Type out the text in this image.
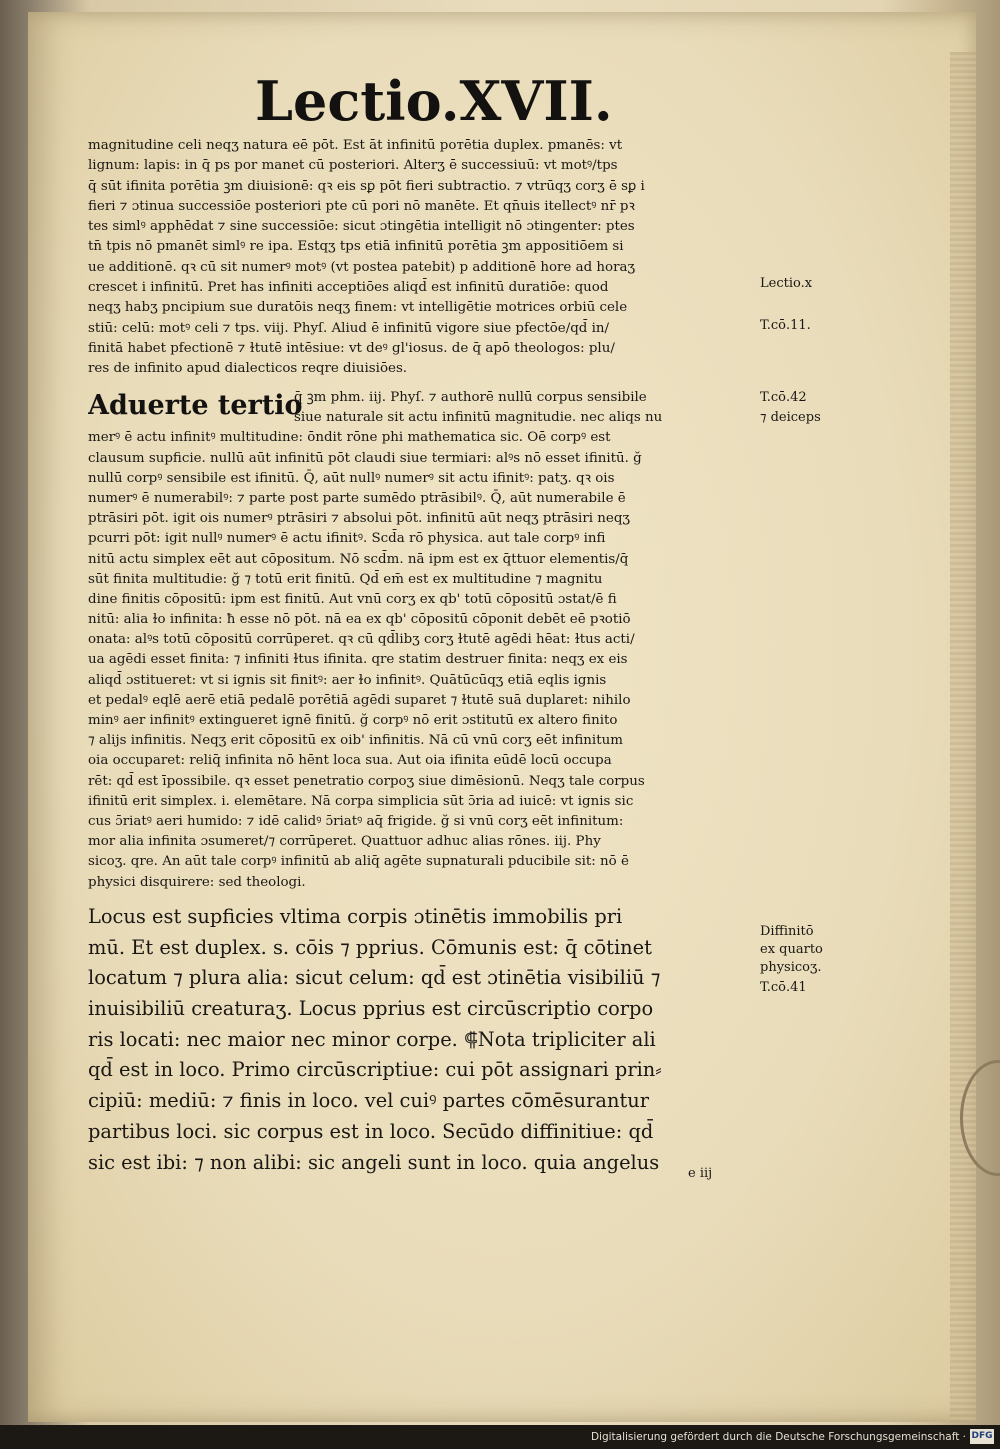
Lectio.XVII.
magnitudine celi neqʒ natura eē pōt. Est āt infinitū poтētia duplex. pmanēs: vt
lignum: lapis: in q̄ ps por manet cū posteriori. Alterʒ ē successiuū: vt motꝰ/tps
q̄ sūt ifinita poтētia ꝫm diuisionē: qꝛ eis sꝑ pōt fieri subtractio. ⁊ vtrūqʒ corʒ ē sꝑ i
fieri ⁊ ɔtinua successiōe posteriori pte cū pori nō manēte. Et qn̄uis itellectꝰ nr̄ pꝛ
tes simlꝰ apphēdat ⁊ sine successiōe: sicut ɔtingētia intelligit nō ɔtingenter: ptes
tn̄ tpis nō pmanēt simlꝰ re ipa. Estqʒ tps etiā infinitū poтētia ꝫm appositiōem si
ue additionē. qꝛ cū sit numerꝰ motꝰ (vt postea patebit) p additionē hore ad horaʒ
crescet i infinitū. Pret has infiniti acceptiōes aliqd̄ est infinitū duratiōe: quod
neqʒ habʒ pncipium sue duratōis neqʒ finem: vt intelligētie motrices orbiū cele
stiū: celū: motꝰ celi ⁊ tps. viij. Phyſ. Aliud ē infinitū vigore siue pfectōe/qd̄ in/
finitā habet pfectionē ⁊ ɫtutē intēsiue: vt deꝰ gl'iosus. de q̄ apō theologos: plu/
res de infinito apud dialecticos reqre diuisiōes.
Aduerte tertio
q̄ ꝫm phm. iij. Phyſ. ⁊ authorē nullū corpus sensibile
siue naturale sit actu infinitū magnitudie. nec aliqs nu
merꝰ ē actu infinitꝰ multitudine: ōndit rōne phi mathematica sic. Oē corpꝰ est
clausum supficie. nullū aūt infinitū pōt claudi siue termiari: alꝰs nō esset ifinitū. ğ
nullū corpꝰ sensibile est ifinitū. Q̄, aūt nullꝰ numerꝰ sit actu ifinitꝰ: patʒ. qꝛ ois
numerꝰ ē numerabilꝰ: ⁊ parte post parte sumēdo ptrāsibilꝰ. Q̄, aūt numerabile ē
ptrāsiri pōt. igit ois numerꝰ ptrāsiri ⁊ absolui pōt. infinitū aūt neqʒ ptrāsiri neqʒ
pcurri pōt: igit nullꝰ numerꝰ ē actu ifinitꝰ. Scd̄a rō physica. aut tale corpꝰ infi
nitū actu simplex eēt aut cōpositum. Nō scd̄m. nā ipm est ex q̄ttuor elementis/q̄
sūt finita multitudie: ğ ⁊ totū erit finitū. Qd̄ em̄ est ex multitudine ⁊ magnitu
dine finitis cōpositū: ipm est finitū. Aut vnū corʒ ex qb' totū cōpositū ɔstat/ē fi
nitū: alia ɫo infinita: ħ esse nō pōt. nā ea ex qb' cōpositū cōponit debēt eē pꝛotiō
onata: alꝰs totū cōpositū corrūperet. qꝛ cū qd̄libʒ corʒ ɫtutē agēdi hēat: ɫtus acti/
ua agēdi esset finita: ⁊ infiniti ɫtus ifinita. qre statim destruer finita: neqʒ ex eis
aliqd̄ ɔstitueret: vt si ignis sit finitꝰ: aer ɫo infinitꝰ. Quātūcūqʒ etiā eqlis ignis
et pedalꝰ eqlē aerē etiā pedalē poтētiā agēdi suparet ⁊ ɫtutē suā duplaret: nihilo
minꝰ aer infinitꝰ extingueret ignē finitū. ğ corpꝰ nō erit ɔstitutū ex altero finito
⁊ alijs infinitis. Neqʒ erit cōpositū ex oib' infinitis. Nā cū vnū corʒ eēt infinitum
oia occuparet: reliq̄ infinita nō hēnt loca sua. Aut oia ifinita eūdē locū occupa
rēt: qd̄ est īpossibile. qꝛ esset penetratio corpoʒ siue dimēsionū. Neqʒ tale corpus
ifinitū erit simplex. i. elemētare. Nā corpa simplicia sūt ɔ̄ria ad iuicē: vt ignis sic
cus ɔ̄riatꝰ aeri humido: ⁊ idē calidꝰ ɔ̄riatꝰ aq̄ frigide. ğ si vnū corʒ eēt infinitum:
mor alia infinita ɔsumeret/⁊ corrūperet. Quattuor adhuc alias rōnes. iij. Phy
sicoʒ. qre. An aūt tale corpꝰ infinitū ab aliq̄ agēte supnaturali pducibile sit: nō ē
physici disquirere: sed theologi.
Locus est supficies vltima corpis ɔtinētis immobilis pri
mū. Et est duplex. s. cōis ⁊ pprius. Cōmunis est: q̄ cōtinet
locatum ⁊ plura alia: sicut celum: qd̄ est ɔtinētia visibiliū ⁊
inuisibiliū creaturaʒ. Locus pprius est circūscriptio corpo
ris locati: nec maior nec minor corpe. ⸿Nota tripliciter ali
qd̄ est in loco. Primo circūscriptiue: cui pōt assignari prin⸗
cipiū: mediū: ⁊ finis in loco. vel cuiꝰ partes cōmēsurantur
partibus loci. sic corpus est in loco. Secūdo diffinitiue: qd̄
sic est ibi: ⁊ non alibi: sic angeli sunt in loco. quia angelus
Lectio.x
T.cō.11.
T.cō.42
⁊ deiceps
Diffinitō
ex quarto
physicoʒ.
T.cō.41
e iij
Digitalisierung gefördert durch die Deutsche Forschungsgemeinschaft · DFG
